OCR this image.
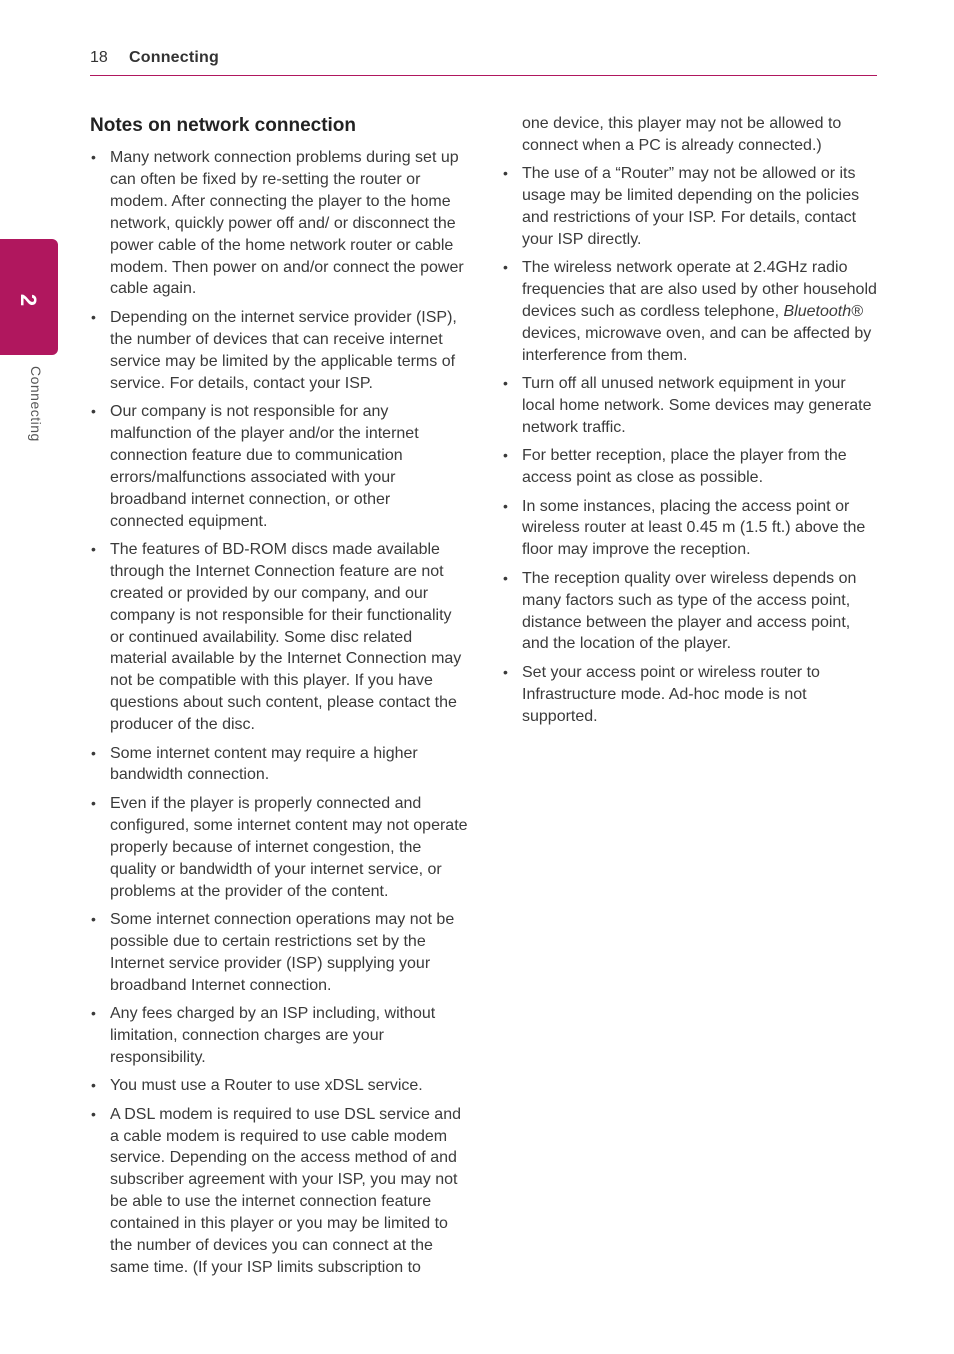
18 Connecting
2
Connecting
Notes on network connection
• Many network connection problems during set up can often be fixed by re-setting the router or modem. After connecting the player to the home network, quickly power off and/ or disconnect the power cable of the home network router or cable modem. Then power on and/or connect the power cable again.
• Depending on the internet service provider (ISP), the number of devices that can receive internet service may be limited by the applicable terms of service. For details, contact your ISP.
• Our company is not responsible for any malfunction of the player and/or the internet connection feature due to communication errors/malfunctions associated with your broadband internet connection, or other connected equipment.
• The features of BD-ROM discs made available through the Internet Connection feature are not created or provided by our company, and our company is not responsible for their functionality or continued availability. Some disc related material available by the Internet Connection may not be compatible with this player. If you have questions about such content, please contact the producer of the disc.
• Some internet content may require a higher bandwidth connection.
• Even if the player is properly connected and configured, some internet content may not operate properly because of internet congestion, the quality or bandwidth of your internet service, or problems at the provider of the content.
• Some internet connection operations may not be possible due to certain restrictions set by the Internet service provider (ISP) supplying your broadband Internet connection.
• Any fees charged by an ISP including, without limitation, connection charges are your responsibility.
• You must use a Router to use xDSL service.
• A DSL modem is required to use DSL service and a cable modem is required to use cable modem service. Depending on the access method of and subscriber agreement with your ISP, you may not be able to use the internet connection feature contained in this player or you may be limited to the number of devices you can connect at the same time. (If your ISP limits subscription to

one device, this player may not be allowed to connect when a PC is already connected.)

• The use of a “Router” may not be allowed or its usage may be limited depending on the policies and restrictions of your ISP. For details, contact your ISP directly.
• The wireless network operate at 2.4GHz radio frequencies that are also used by other household devices such as cordless telephone, Bluetooth® devices, microwave oven, and can be affected by interference from them.
• Turn off all unused network equipment in your local home network. Some devices may generate network traffic.
• For better reception, place the player from the access point as close as possible.
• In some instances, placing the access point or wireless router at least 0.45 m (1.5 ft.) above the floor may improve the reception.
• The reception quality over wireless depends on many factors such as type of the access point, distance between the player and access point, and the location of the player.
• Set your access point or wireless router to Infrastructure mode. Ad-hoc mode is not supported.
